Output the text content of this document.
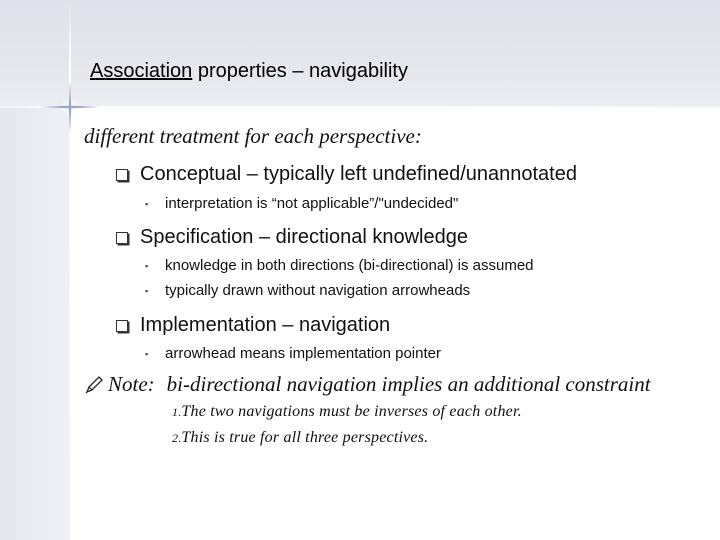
Association properties – navigability
different treatment for each perspective:
Conceptual – typically left undefined/unannotated
▪	interpretation is “not applicable”/"undecided"
Specification – directional knowledge
▪	knowledge in both directions (bi-directional) is assumed
▪	typically drawn without navigation arrowheads
Implementation – navigation
▪	arrowhead means implementation pointer
Note: bi-directional navigation implies an additional constraint
1.The two navigations must be inverses of each other.
2.This is true for all three perspectives.
